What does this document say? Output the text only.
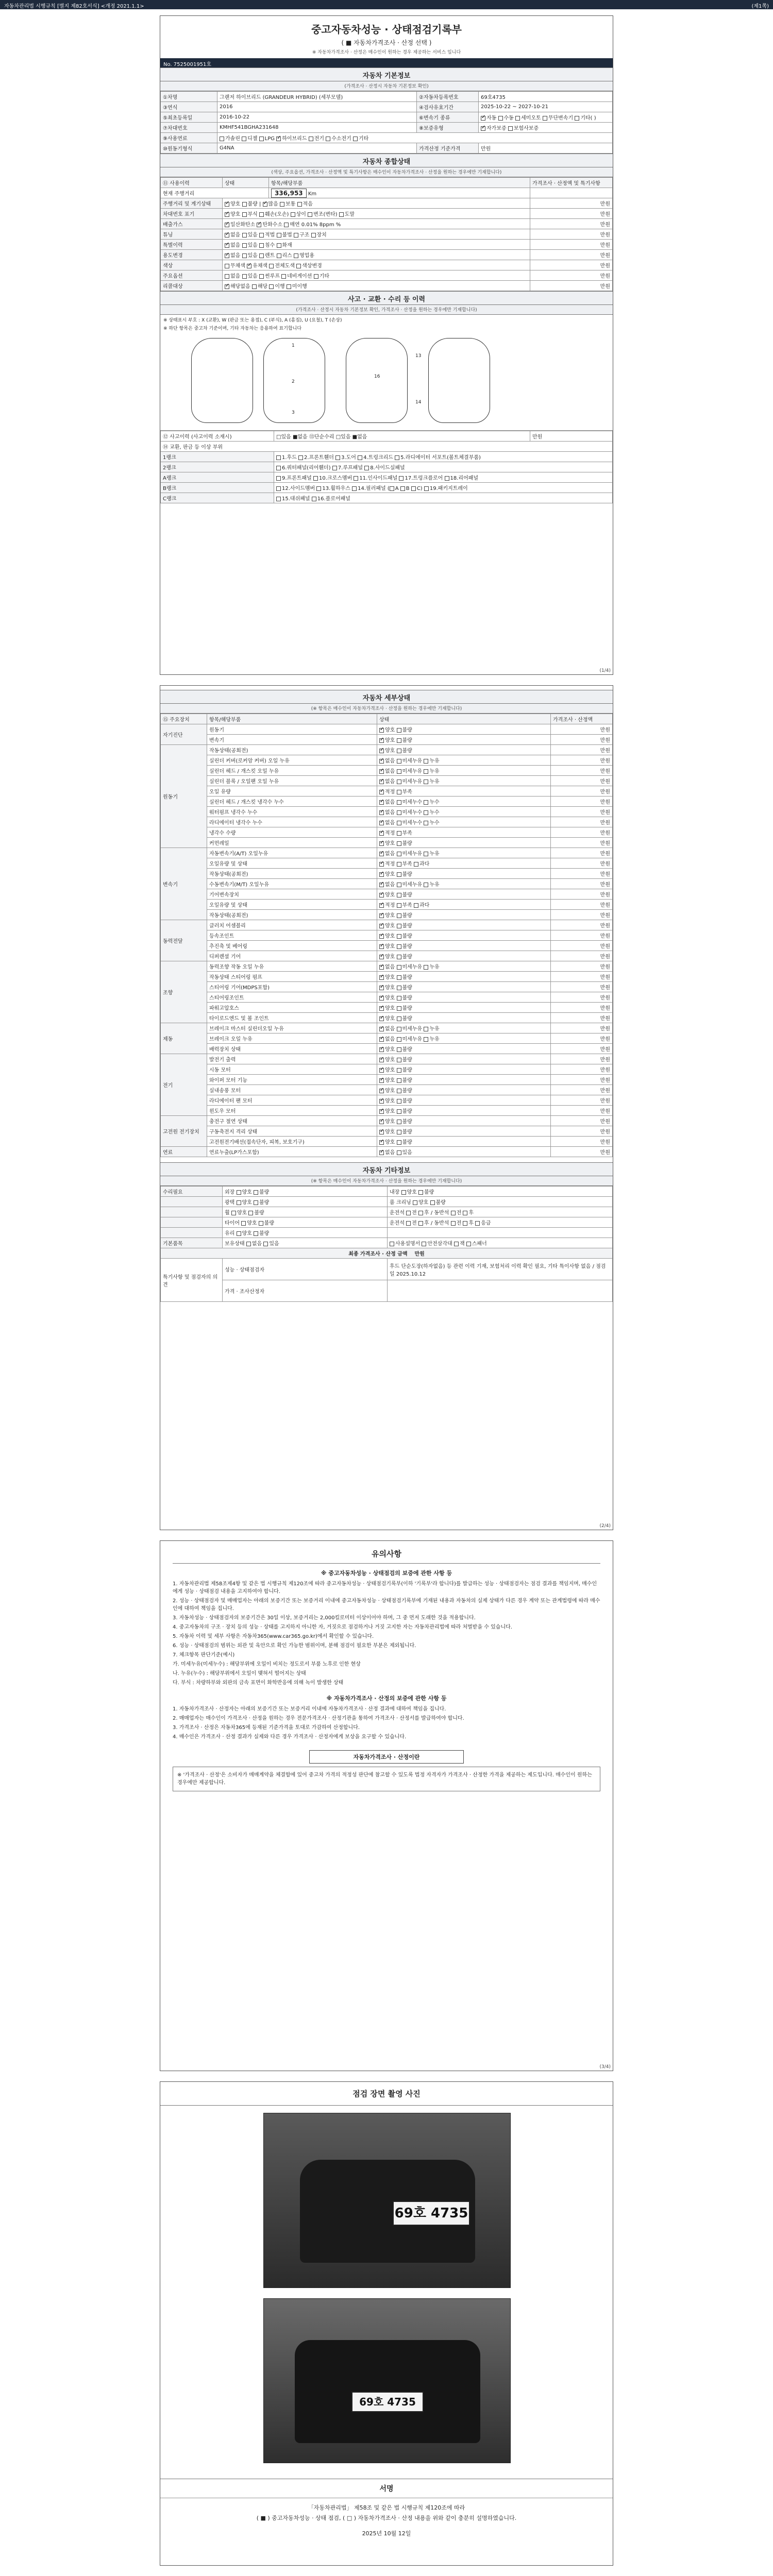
자동차관리법 시행규칙 [별지 제82호서식] <개정 2021.1.1>	(제1쪽)
중고자동차성능 · 상태점검기록부
( ■ 자동차가격조사 · 산정 선택 )
※ 자동차가격조사 · 산정은 매수인이 원하는 경우 제공하는 서비스 입니다
No. 7525001951호
자동차 기본정보
(가격조사 · 산정시 자동차 기본정보 확인)
①차명	그랜저 하이브리드 (GRANDEUR HYBRID) (세부모델)	②자동차등록번호	69호4735
③연식	2016	④검사유효기간	2025-10-22 ~ 2027-10-21
⑤최초등록일	2016-10-22	⑥변속기 종류	✓자동 수동 세미오토 무단변속기 기타( )
⑦차대번호	KMHF541BGHA231648	⑧보증유형	✓자가보증 보험사보증
⑨사용연료	가솔린 디젤 LPG ✓하이브리드 전기 수소전기 기타
⑩원동기형식	G4NA	가격산정 기준가격	만원
자동차 종합상태
(색상, 주요옵션, 가격조사 · 산정액 및 특기사항은 매수인이 자동차가격조사 · 산정을 원하는 경우에만 기재합니다)
⑪ 사용이력	상태	항목/해당부품	가격조사 · 산정액 및 특기사항
현재 주행거리		336,953 Km	
주행거리 및 계기상태	✓양호 불량 | ✓많음 보통 적음		만원
차대번호 표기	✓양호 부식 훼손(오손) 상이 변조(변타) 도말		만원
배출가스	✓일산화탄소 ✓탄화수소 매연 0.01% 8ppm %		만원
튜닝	✓없음 있음 적법 불법 구조 장치		만원
특별이력	✓없음 있음 침수 화재		만원
용도변경	✓없음 있음 렌트 리스 영업용		만원
색상	무채색 ✓유채색 전체도색 색상변경		만원
주요옵션	없음 있음 썬루프 네비게이션 기타		만원
리콜대상	✓해당없음 해당 이행 미이행		만원
사고 · 교환 · 수리 등 이력
(가격조사 · 산정시 자동차 기본정보 확인, 가격조사 · 산정을 원하는 경우에만 기재합니다)
※ 상태표시 부호 : X (교환), W (판금 또는 용접), C (부식), A (흠집), U (요철), T (손상)
※ 하단 항목은 중고차 기준이며, 기타 자동차는 응용하여 표기합니다
1
2
3
16
13
14
⑫ 사고이력 (사고이력 소재시)	□있음 ■없음 ⑬단순수리 □있음 ■없음	만원
⑭ 교환, 판금 등 이상 부위		
1랭크	1.후드 2.프론트휀더 3.도어 4.트렁크리드 5.라디에이터 서포트(볼트체결부품)	
2랭크	6.쿼터패널(리어휀더) 7.루프패널 8.사이드실패널	
A랭크	9.프론트패널 10.크로스멤버 11.인사이드패널 17.트렁크플로어 18.리어패널	
B랭크	12.사이드멤버 13.휠하우스 14.필러패널 ( A B C) 19.패키지트레이	
C랭크	15.대쉬패널 16.플로어패널	
(1/4)
자동차 세부상태
(※ 항목은 매수인이 자동차가격조사 · 산정을 원하는 경우에만 기재합니다)
⑮ 주요장치	항목/해당부품	상태	가격조사 · 산정액
자기진단	원동기	✓양호 불량	만원
	변속기	✓양호 불량	만원
원동기	작동상태(공회전)	✓양호 불량	만원
	실린더 커버(로커암 커버) 오일 누유	✓없음 미세누유 누유	만원
	실린더 헤드 / 개스킷 오일 누유	✓없음 미세누유 누유	만원
	실린더 블록 / 오일팬 오일 누유	✓없음 미세누유 누유	만원
	오일 유량	✓적정 부족	만원
	실린더 헤드 / 개스킷 냉각수 누수	✓없음 미세누수 누수	만원
	워터펌프 냉각수 누수	✓없음 미세누수 누수	만원
	라디에이터 냉각수 누수	✓없음 미세누수 누수	만원
	냉각수 수량	✓적정 부족	만원
	커먼레일	✓양호 불량	만원
변속기	자동변속기(A/T) 오일누유	✓없음 미세누유 누유	만원
	오일유량 및 상태	✓적정 부족 과다	만원
	작동상태(공회전)	✓양호 불량	만원
	수동변속기(M/T) 오일누유	✓없음 미세누유 누유	만원
	기어변속장치	✓양호 불량	만원
	오일유량 및 상태	✓적정 부족 과다	만원
	작동상태(공회전)	✓양호 불량	만원
동력전달	클러치 어셈블리	✓양호 불량	만원
	등속조인트	✓양호 불량	만원
	추진축 및 베어링	✓양호 불량	만원
	디퍼렌셜 기어	✓양호 불량	만원
조향	동력조향 작동 오일 누유	✓없음 미세누유 누유	만원
	작동상태 스티어링 펌프	✓양호 불량	만원
	스티어링 기어(MDPS포함)	✓양호 불량	만원
	스티어링조인트	✓양호 불량	만원
	파워고압호스	✓양호 불량	만원
	타이로드엔드 및 볼 조인트	✓양호 불량	만원
제동	브레이크 마스터 실린더오일 누유	✓없음 미세누유 누유	만원
	브레이크 오일 누유	✓없음 미세누유 누유	만원
	배력장치 상태	✓양호 불량	만원
전기	발전기 출력	✓양호 불량	만원
	시동 모터	✓양호 불량	만원
	와이퍼 모터 기능	✓양호 불량	만원
	실내송풍 모터	✓양호 불량	만원
	라디에이터 팬 모터	✓양호 불량	만원
	윈도우 모터	✓양호 불량	만원
고전원 전기장치	충전구 절연 상태	✓양호 불량	만원
	구동축전지 격리 상태	✓양호 불량	만원
	고전원전기배선(접속단자, 피복, 보호기구)	✓양호 불량	만원
연료	연료누출(LP가스포함)	✓없음 있음	만원
자동차 기타정보
(※ 항목은 매수인이 자동차가격조사 · 산정을 원하는 경우에만 기재합니다)
수리필요	외장 양호 불량	내장 양호 불량
	광택 양호 불량	룸 크리닝 양호 불량
	휠 양호 불량	운전석 전 후 / 동반석 전 후
	타이어 양호 불량	운전석 전 후 / 동반석 전 후 응급
	유리 양호 불량	
기본품목	보유상태 없음 있음	사용설명서 안전삼각대 잭 스패너
최종 가격조사 · 산정 금액 만원		
특기사항 및 점검자의 의견	성능 · 상태점검자	후드 단순도장(하자없음) 등 관련 이력 기재, 보험처리 이력 확인 필요, 기타 특이사항 없음 / 점검일 2025.10.12
	가격 · 조사산정자	
(2/4)
유의사항
※ 중고자동차성능 · 상태점검의 보증에 관한 사항 등

1. 자동차관리법 제58조제4항 및 같은 법 시행규칙 제120조에 따라 중고자동차성능 · 상태점검기록부(이하 '기록부'라 합니다)를 발급하는 성능 · 상태점검자는 점검 결과를 책임지며, 매수인에게 성능 · 상태점검 내용을 고지하여야 합니다.

2. 성능 · 상태점검자 및 매매업자는 아래의 보증기간 또는 보증거리 이내에 중고자동차성능 · 상태점검기록부에 기재된 내용과 자동차의 실제 상태가 다른 경우 계약 또는 관계법령에 따라 매수인에 대하여 책임을 집니다.

3. 자동차성능 · 상태점검자의 보증기간은 30일 이상, 보증거리는 2,000킬로미터 이상이어야 하며, 그 중 먼저 도래한 것을 적용합니다.

4. 중고자동차의 구조 · 장치 등의 성능 · 상태를 고지하지 아니한 자, 거짓으로 점검하거나 거짓 고지한 자는 자동차관리법에 따라 처벌받을 수 있습니다.

5. 자동차 이력 및 세부 사항은 자동차365(www.car365.go.kr)에서 확인할 수 있습니다.

6. 성능 · 상태점검의 범위는 외관 및 육안으로 확인 가능한 범위이며, 분해 점검이 필요한 부분은 제외됩니다.

7. 체크항목 판단기준(예시)

가. 미세누유(미세누수) : 해당부위에 오일이 비치는 정도로서 부품 노후로 인한 현상

나. 누유(누수) : 해당부위에서 오일이 맺혀서 떨어지는 상태

다. 부식 : 차량하부와 외판의 금속 표면이 화학반응에 의해 녹이 발생한 상태

※ 자동차가격조사 · 산정의 보증에 관한 사항 등

1. 자동차가격조사 · 산정자는 아래의 보증기간 또는 보증거리 이내에 자동차가격조사 · 산정 결과에 대하여 책임을 집니다.

2. 매매업자는 매수인이 가격조사 · 산정을 원하는 경우 전문가격조사 · 산정기관을 통하여 가격조사 · 산정서를 발급하여야 합니다.

3. 가격조사 · 산정은 자동차365에 등재된 기준가격을 토대로 가감하여 산정합니다.

4. 매수인은 가격조사 · 산정 결과가 실제와 다른 경우 가격조사 · 산정자에게 보상을 요구할 수 있습니다.

자동차가격조사 · 산정이란
※ '가격조사 · 산정'은 소비자가 매매계약을 체결함에 있어 중고차 가격의 적정성 판단에 참고할 수 있도록 법정 자격자가 가격조사 · 산정한 가격을 제공하는 제도입니다. 매수인이 원하는 경우에만 제공합니다.
(3/4)
점검 장면 촬영 사진
69호 4735
69호 4735
서명
「자동차관리법」 제58조 및 같은 법 시행규칙 제120조에 따라
( ■ ) 중고자동차성능 · 상태 점검, ( □ ) 자동차가격조사 · 산정 내용을 위와 같이 충분히 설명하였습니다.
2025년 10월 12일
